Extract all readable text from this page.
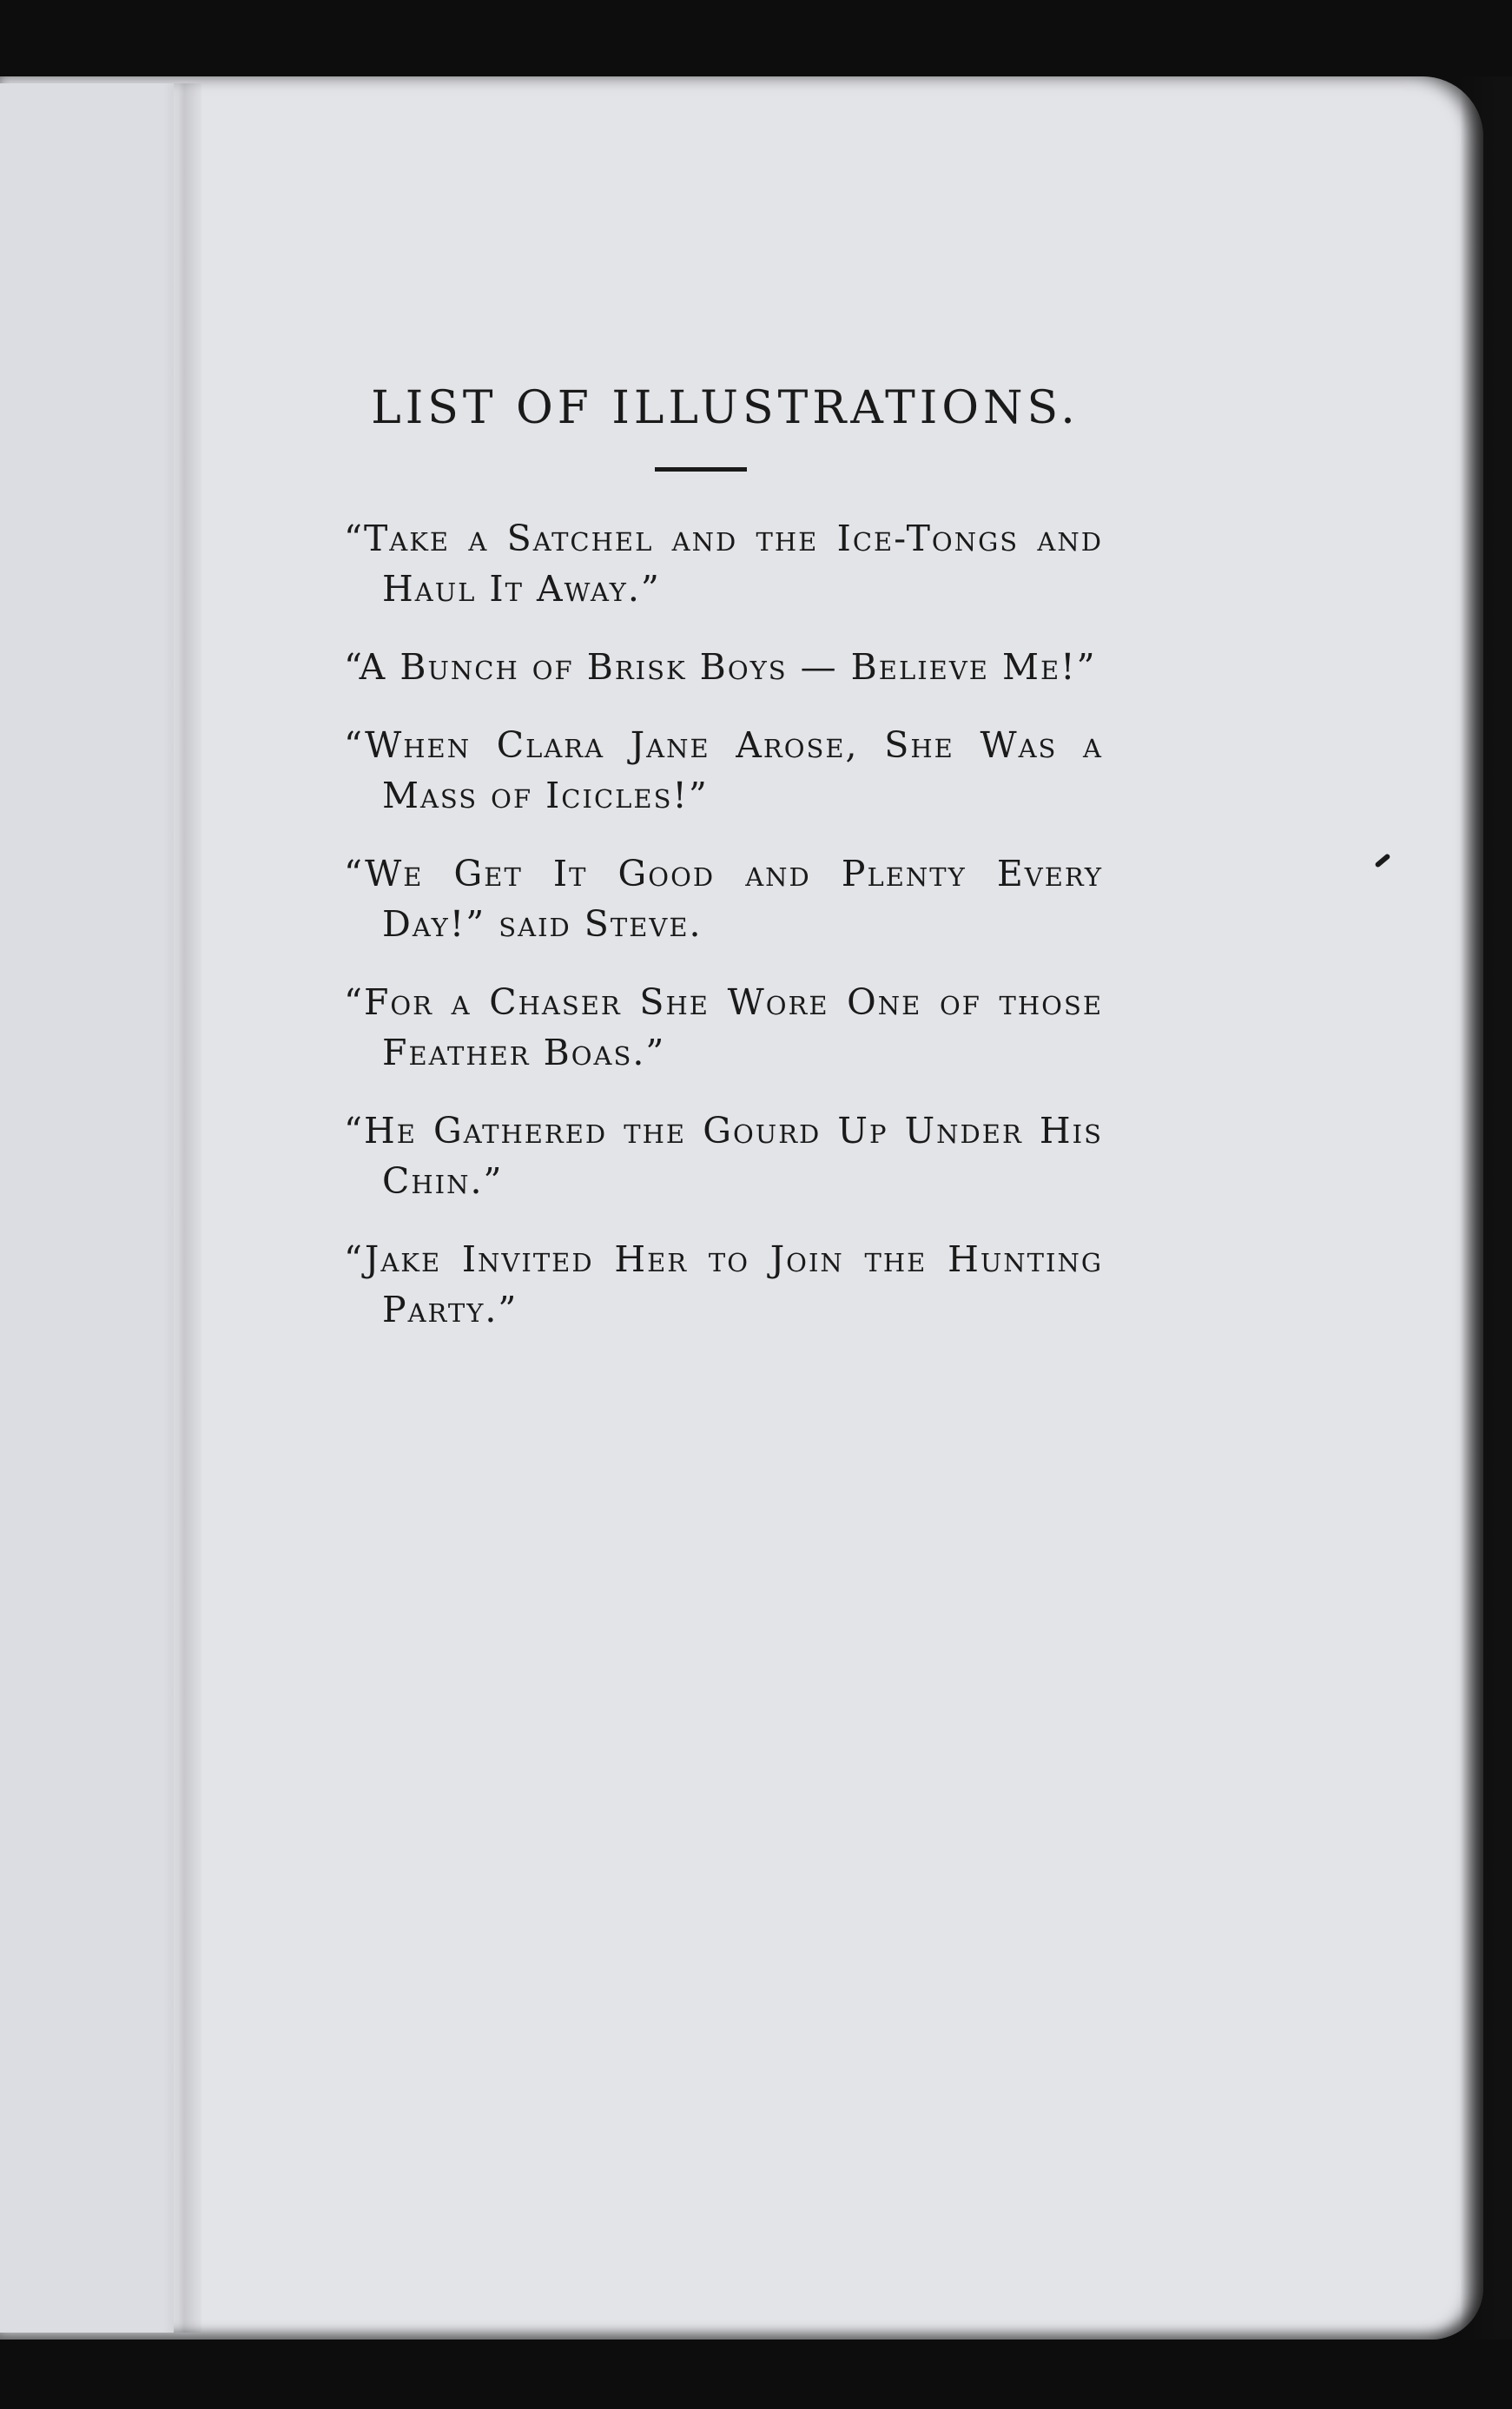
LIST OF ILLUSTRATIONS.
“Take a Satchel and the Ice-Tongs and Haul It Away.”
“A Bunch of Brisk Boys — Believe Me!”
“When Clara Jane Arose, She Was a Mass of Icicles!”
“We Get It Good and Plenty Every Day!” said Steve.
“For a Chaser She Wore One of those Feather Boas.”
“He Gathered the Gourd Up Under His Chin.”
“Jake Invited Her to Join the Hunting Party.”
